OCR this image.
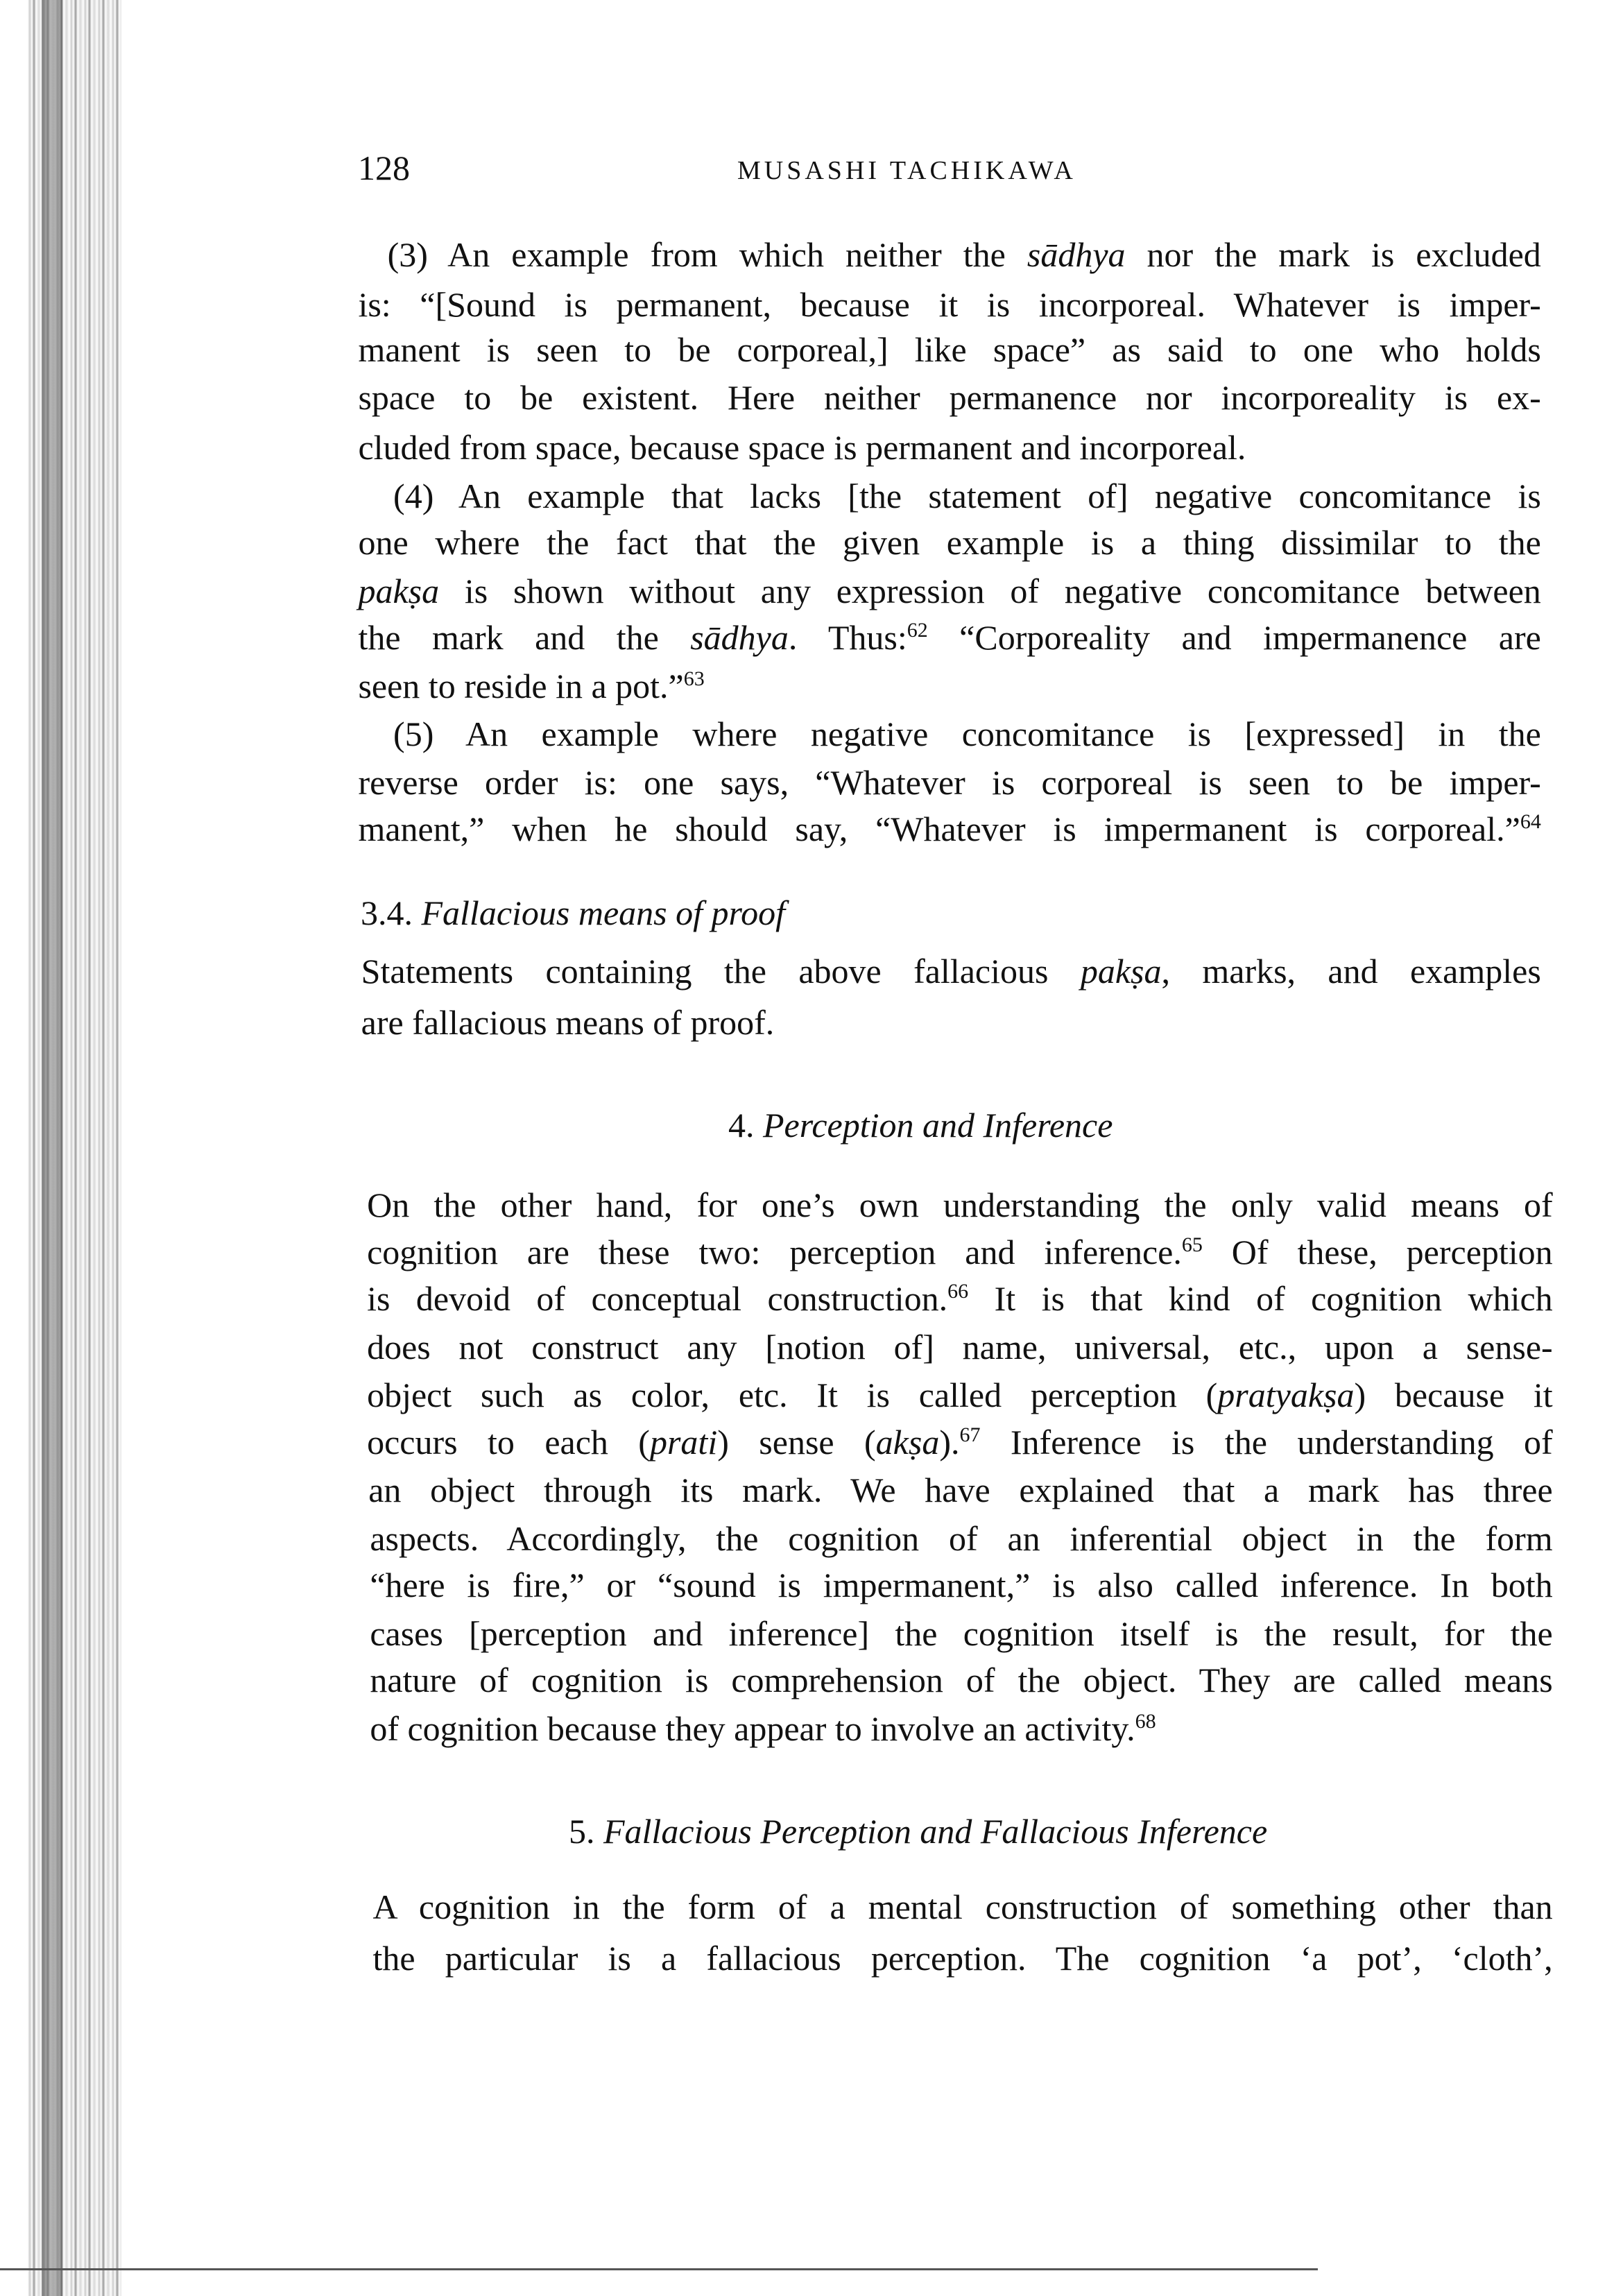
128	MUSASHI TACHIKAWA
3.4. Fallacious means of proof
4. Perception and Inference
5. Fallacious Perception and Fallacious Inference
(3) An example from which neither the sādhya nor the mark is excluded
is: “[Sound is permanent, because it is incorporeal. Whatever is imper-
manent is seen to be corporeal,] like space” as said to one who holds
space to be existent. Here neither permanence nor incorporeality is ex-
cluded from space, because space is permanent and incorporeal.
(4) An example that lacks [the statement of] negative concomitance is
one where the fact that the given example is a thing dissimilar to the
pakṣa is shown without any expression of negative concomitance between
the mark and the sādhya. Thus:$^{62}$ “Corporeality and impermanence are
seen to reside in a pot.”$^{63}$
(5) An example where negative concomitance is [expressed] in the
reverse order is: one says, “Whatever is corporeal is seen to be imper-
manent,” when he should say, “Whatever is impermanent is corporeal.”$^{64}$
Statements containing the above fallacious pakṣa, marks, and examples
are fallacious means of proof.
On the other hand, for one’s own understanding the only valid means of
cognition are these two: perception and inference.$^{65}$ Of these, perception
is devoid of conceptual construction.$^{66}$ It is that kind of cognition which
does not construct any [notion of] name, universal, etc., upon a sense-
object such as color, etc. It is called perception (pratyakṣa) because it
occurs to each (prati) sense (akṣa).$^{67}$ Inference is the understanding of
an object through its mark. We have explained that a mark has three
aspects. Accordingly, the cognition of an inferential object in the form
“here is fire,” or “sound is impermanent,” is also called inference. In both
cases [perception and inference] the cognition itself is the result, for the
nature of cognition is comprehension of the object. They are called means
of cognition because they appear to involve an activity.$^{68}$
A cognition in the form of a mental construction of something other than
the particular is a fallacious perception. The cognition ‘a pot’, ‘cloth’,
